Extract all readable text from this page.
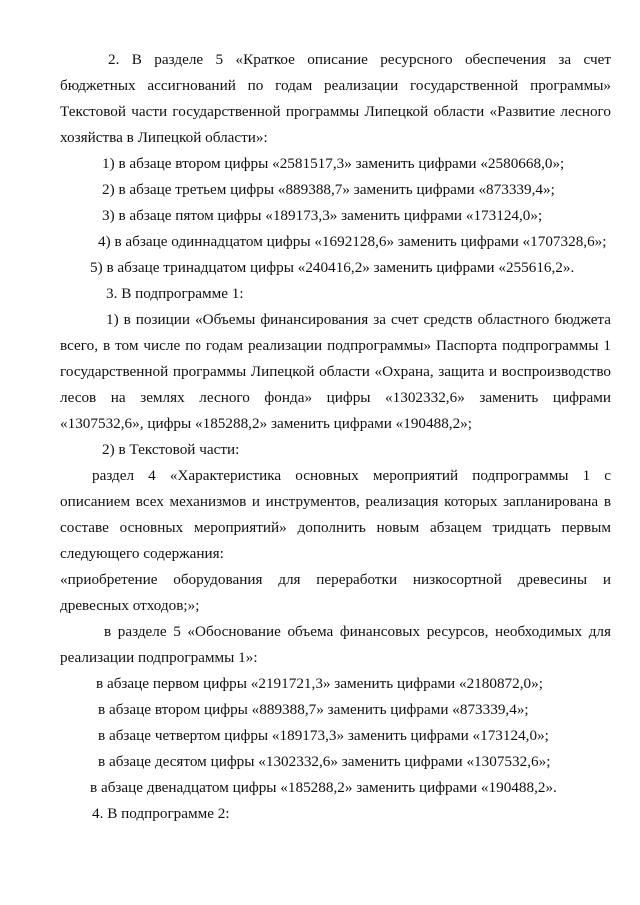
2. В разделе 5 «Краткое описание ресурсного обеспечения за счет бюджетных ассигнований по годам реализации государственной программы» Текстовой части государственной программы Липецкой области «Развитие лесного хозяйства в Липецкой области»:

1) в абзаце втором цифры «2581517,3» заменить цифрами «2580668,0»;

2) в абзаце третьем цифры «889388,7» заменить цифрами «873339,4»;

3) в абзаце пятом цифры «189173,3» заменить цифрами «173124,0»;

4) в абзаце одиннадцатом цифры «1692128,6» заменить цифрами «1707328,6»;

5) в абзаце тринадцатом цифры «240416,2» заменить цифрами «255616,2».

3. В подпрограмме 1:

1) в позиции «Объемы финансирования за счет средств областного бюджета всего, в том числе по годам реализации подпрограммы» Паспорта подпрограммы 1 государственной программы Липецкой области «Охрана, защита и воспроизводство лесов на землях лесного фонда» цифры «1302332,6» заменить цифрами «1307532,6», цифры «185288,2» заменить цифрами «190488,2»;

2) в Текстовой части:

раздел 4 «Характеристика основных мероприятий подпрограммы 1 с описанием всех механизмов и инструментов, реализация которых запланирована в составе основных мероприятий» дополнить новым абзацем тридцать первым следующего содержания:

«приобретение оборудования для переработки низкосортной древесины и древесных отходов;»;

в разделе 5 «Обоснование объема финансовых ресурсов, необходимых для реализации подпрограммы 1»:

в абзаце первом цифры «2191721,3» заменить цифрами «2180872,0»;

в абзаце втором цифры «889388,7» заменить цифрами «873339,4»;

в абзаце четвертом цифры «189173,3» заменить цифрами «173124,0»;

в абзаце десятом цифры «1302332,6» заменить цифрами «1307532,6»;

в абзаце двенадцатом цифры «185288,2» заменить цифрами «190488,2».

4. В подпрограмме 2:
